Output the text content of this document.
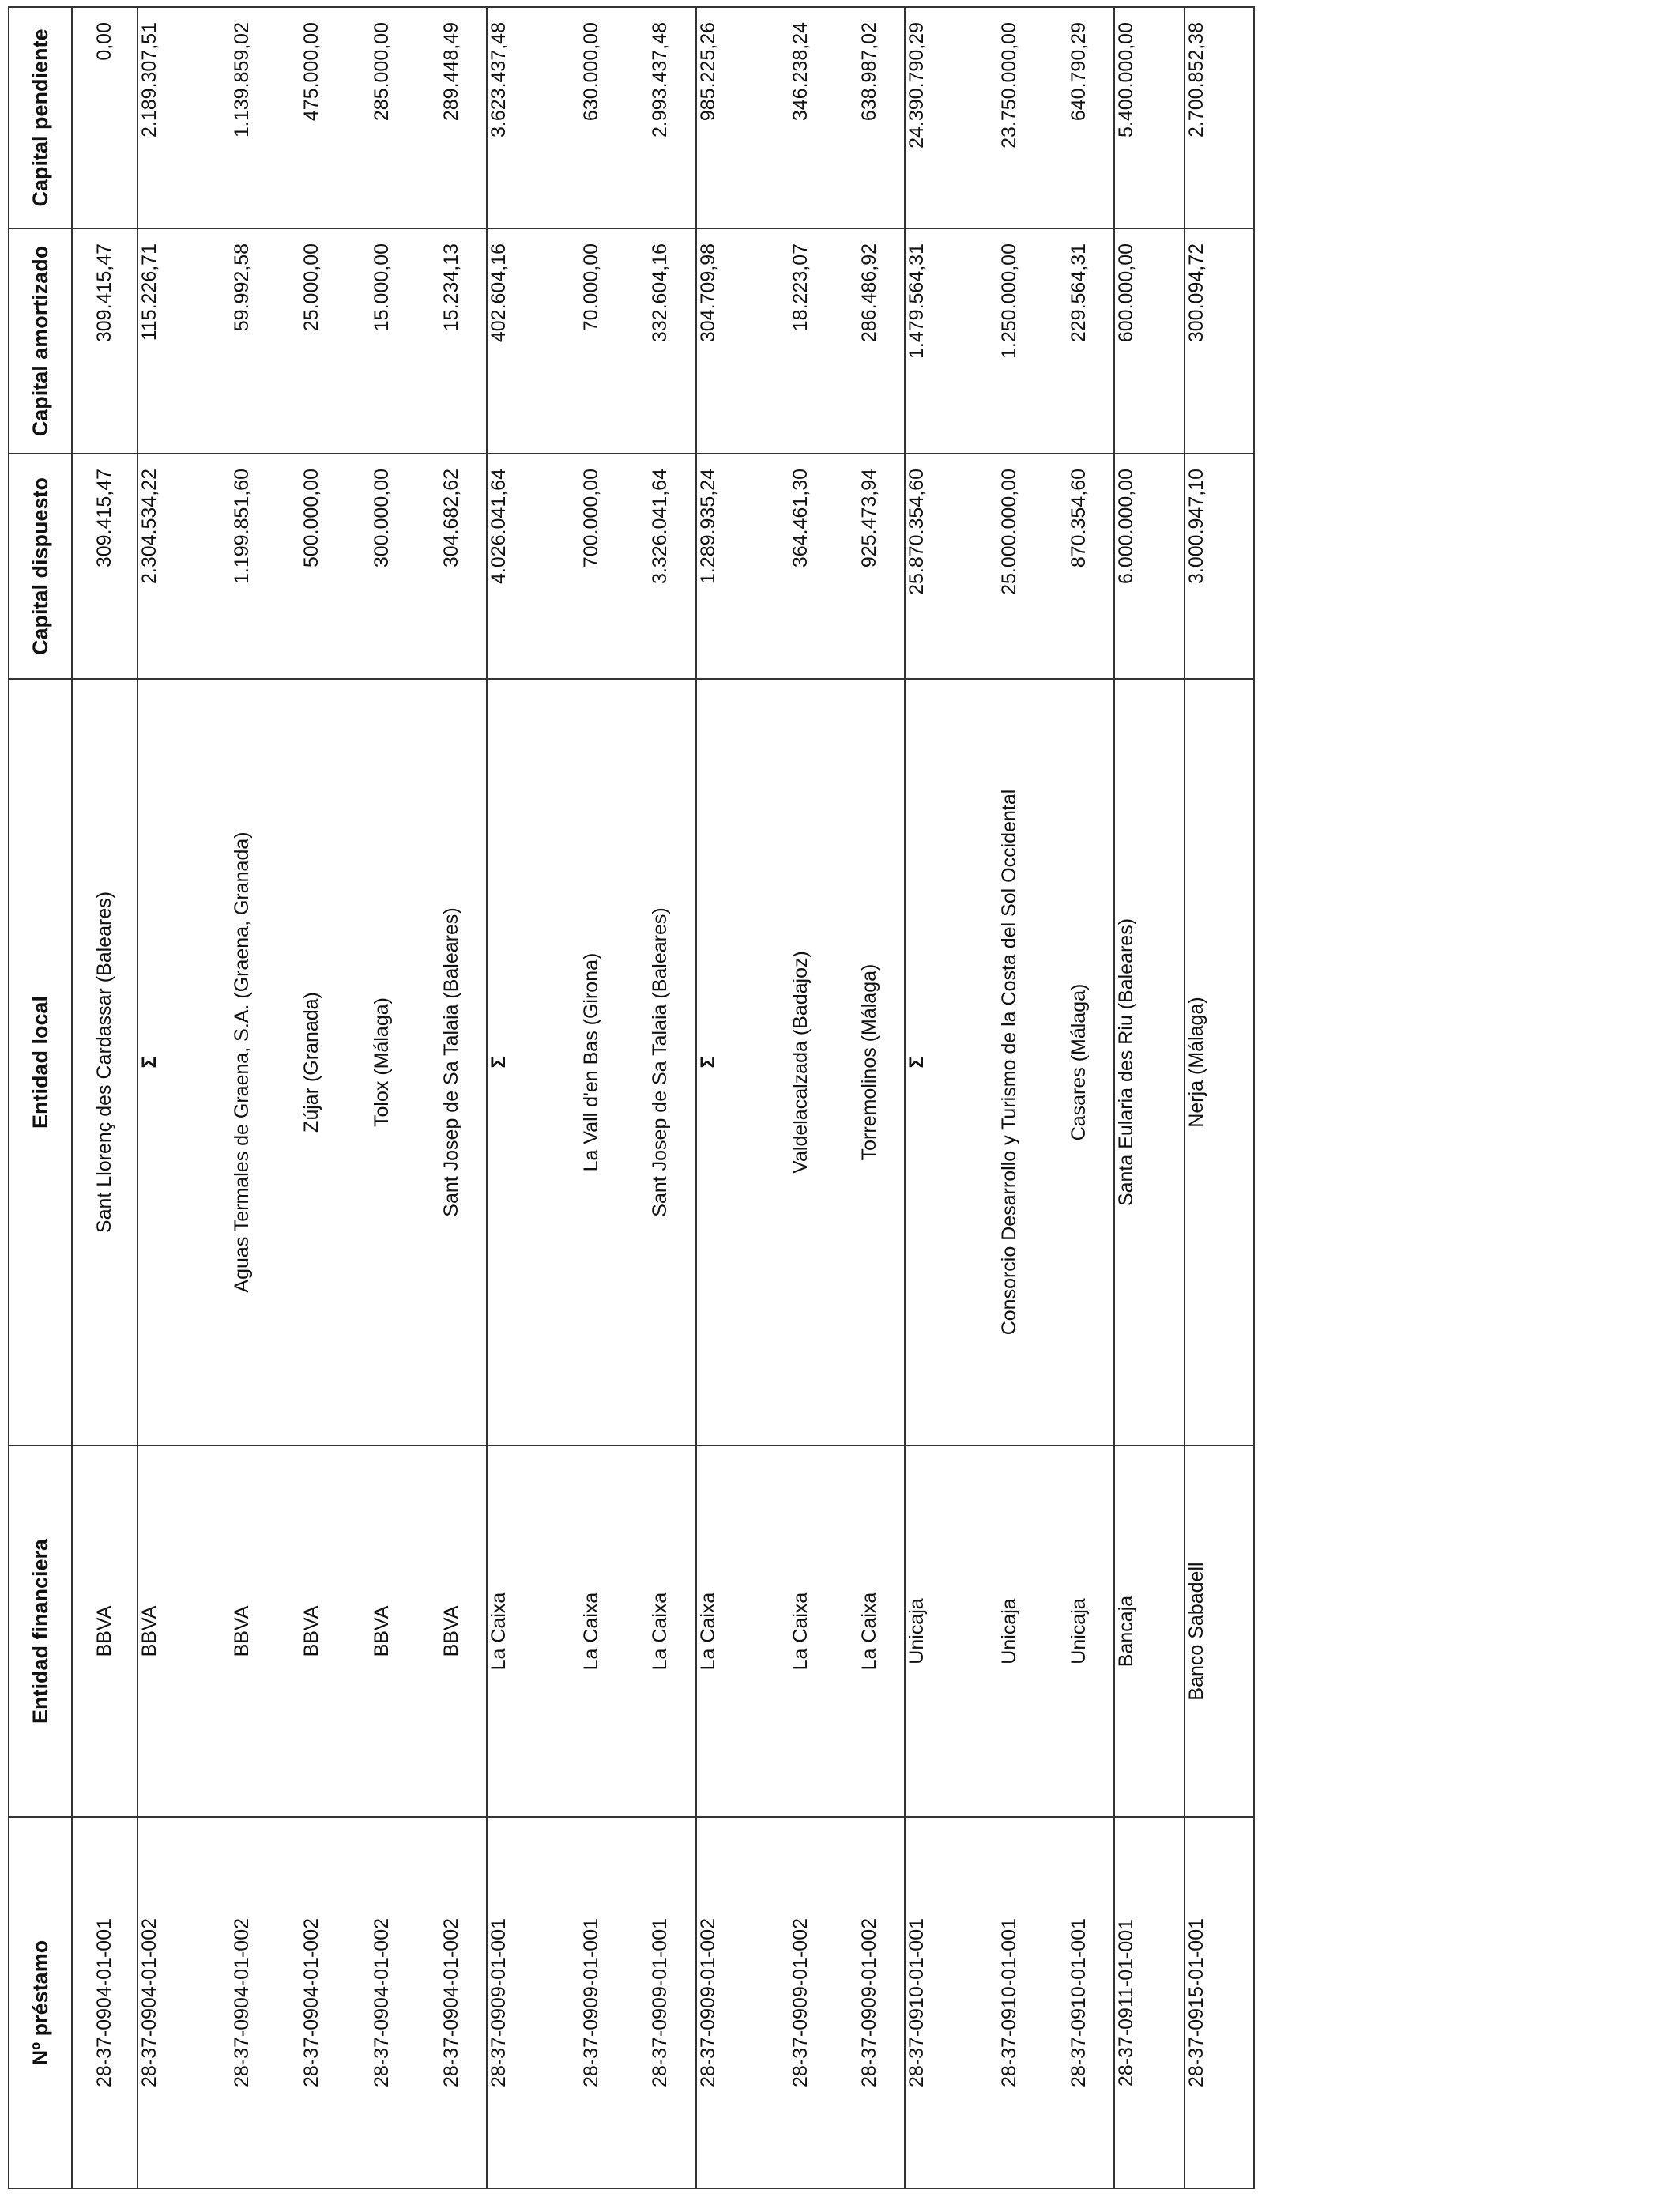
Nº préstamo	Entidad financiera	Entidad local	Capital dispuesto	Capital amortizado	Capital pendiente
28-37-0904-01-001	BBVA	Sant Llorenç des Cardassar (Baleares)	309.415,47	309.415,47	0,00
28-37-0904-01-002	BBVA	Σ	2.304.534,22	115.226,71	2.189.307,51
28-37-0904-01-002	BBVA	Aguas Termales de Graena, S.A. (Graena, Granada)	1.199.851,60	59.992,58	1.139.859,02
28-37-0904-01-002	BBVA	Zújar (Granada)	500.000,00	25.000,00	475.000,00
28-37-0904-01-002	BBVA	Tolox (Málaga)	300.000,00	15.000,00	285.000,00
28-37-0904-01-002	BBVA	Sant Josep de Sa Talaia (Baleares)	304.682,62	15.234,13	289.448,49
28-37-0909-01-001	La Caixa	Σ	4.026.041,64	402.604,16	3.623.437,48
28-37-0909-01-001	La Caixa	La Vall d'en Bas (Girona)	700.000,00	70.000,00	630.000,00
28-37-0909-01-001	La Caixa	Sant Josep de Sa Talaia (Baleares)	3.326.041,64	332.604,16	2.993.437,48
28-37-0909-01-002	La Caixa	Σ	1.289.935,24	304.709,98	985.225,26
28-37-0909-01-002	La Caixa	Valdelacalzada (Badajoz)	364.461,30	18.223,07	346.238,24
28-37-0909-01-002	La Caixa	Torremolinos (Málaga)	925.473,94	286.486,92	638.987,02
28-37-0910-01-001	Unicaja	Σ	25.870.354,60	1.479.564,31	24.390.790,29
28-37-0910-01-001	Unicaja	Consorcio Desarrollo y Turismo de la Costa del Sol Occidental	25.000.000,00	1.250.000,00	23.750.000,00
28-37-0910-01-001	Unicaja	Casares (Málaga)	870.354,60	229.564,31	640.790,29
28-37-0911-01-001	Bancaja	Santa Eularia des Riu (Baleares)	6.000.000,00	600.000,00	5.400.000,00
28-37-0915-01-001	Banco Sabadell	Nerja (Málaga)	3.000.947,10	300.094,72	2.700.852,38
